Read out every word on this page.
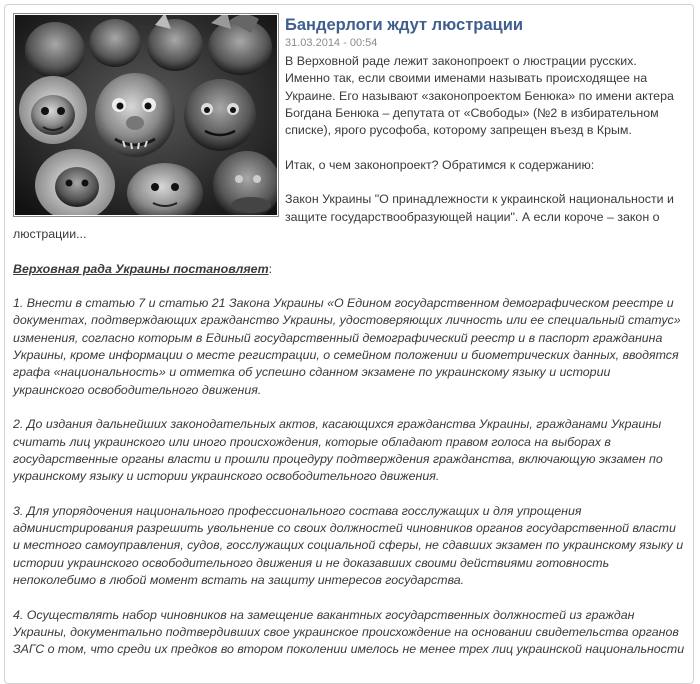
Бандерлоги ждут люстрации
31.03.2014 - 00:54
В Верховной раде лежит законопроект о люстрации русских. Именно так, если своими именами называть происходящее на Украине. Его называют «законопроектом Бенюка» по имени актера Богдана Бенюка – депутата от «Свободы» (№2 в избирательном списке), ярого русофоба, которому запрещен въезд в Крым.
Итак, о чем законопроект? Обратимся к содержанию:
Закон Украины "О принадлежности к украинской национальности и защите государствообразующей нации". А если короче – закон о люстрации...
Верховная рада Украины постановляет:
1. Внести в статью 7 и статью 21 Закона Украины «О Едином государственном демографическом реестре и документах, подтверждающих гражданство Украины, удостоверяющих личность или ее специальный статус» изменения, согласно которым в Единый государственный демографический реестр и в паспорт гражданина Украины, кроме информации о месте регистрации, о семейном положении и биометрических данных, вводятся графа «национальность» и отметка об успешно сданном экзамене по украинскому языку и истории украинского освободительного движения.
2. До издания дальнейших законодательных актов, касающихся гражданства Украины, гражданами Украины считать лиц украинского или иного происхождения, которые обладают правом голоса на выборах в государственные органы власти и прошли процедуру подтверждения гражданства, включающую экзамен по украинскому языку и истории украинского освободительного движения.
3. Для упорядочения национального профессионального состава госслужащих и для упрощения администрирования разрешить увольнение со своих должностей чиновников органов государственной власти и местного самоуправления, судов, госслужащих социальной сферы, не сдавших экзамен по украинскому языку и истории украинского освободительного движения и не доказавших своими действиями готовность непоколебимо в любой момент встать на защиту интересов государства.
4. Осуществлять набор чиновников на замещение вакантных государственных должностей из граждан Украины, документально подтвердивших свое украинское происхождение на основании свидетельства органов ЗАГС о том, что среди их предков во втором поколении имелось не менее трех лиц украинской национальности
